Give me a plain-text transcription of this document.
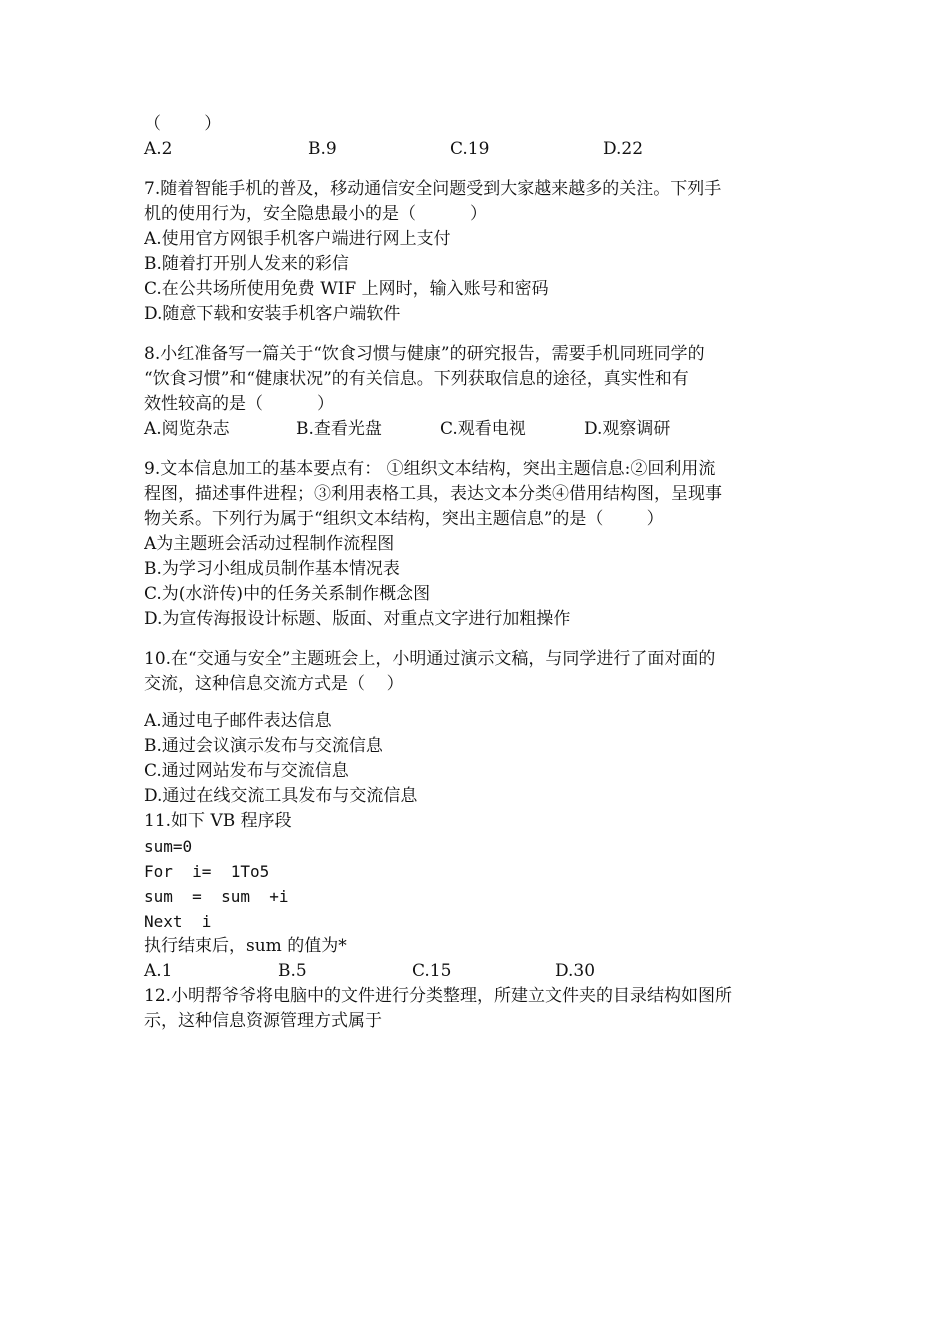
（        ）
A.2	B.9	C.19	D.22
7.随着智能手机的普及，移动通信安全问题受到大家越来越多的关注。下列手
机的使用行为，安全隐患最小的是（          ）
A.使用官方网银手机客户端进行网上支付
B.随着打开别人发来的彩信
C.在公共场所使用免费 WIF 上网时，输入账号和密码
D.随意下载和安装手机客户端软件
8.小红准备写一篇关于“饮食习惯与健康”的研究报告，需要手机同班同学的
“饮食习惯”和“健康状况”的有关信息。下列获取信息的途径，真实性和有
效性较高的是（          ）
A.阅览杂志	B.查看光盘	C.观看电视	D.观察调研
9.文本信息加工的基本要点有： ①组织文本结构，突出主题信息:②回利用流
程图，描述事件进程；③利用表格工具，表达文本分类④借用结构图，呈现事
物关系。下列行为属于“组织文本结构，突出主题信息”的是（        ）
A为主题班会活动过程制作流程图
B.为学习小组成员制作基本情况表
C.为(水浒传)中的任务关系制作概念图
D.为宣传海报设计标题、版面、对重点文字进行加粗操作
10.在“交通与安全”主题班会上，小明通过演示文稿，与同学进行了面对面的
交流，这种信息交流方式是（    ）
A.通过电子邮件表达信息
B.通过会议演示发布与交流信息
C.通过网站发布与交流信息
D.通过在线交流工具发布与交流信息
11.如下 VB 程序段
sum=0
For  i=  1To5
sum  =  sum  +i
Next  i
执行结束后，sum 的值为*
A.1	B.5	C.15	D.30
12.小明帮爷爷将电脑中的文件进行分类整理，所建立文件夹的目录结构如图所
示，这种信息资源管理方式属于
